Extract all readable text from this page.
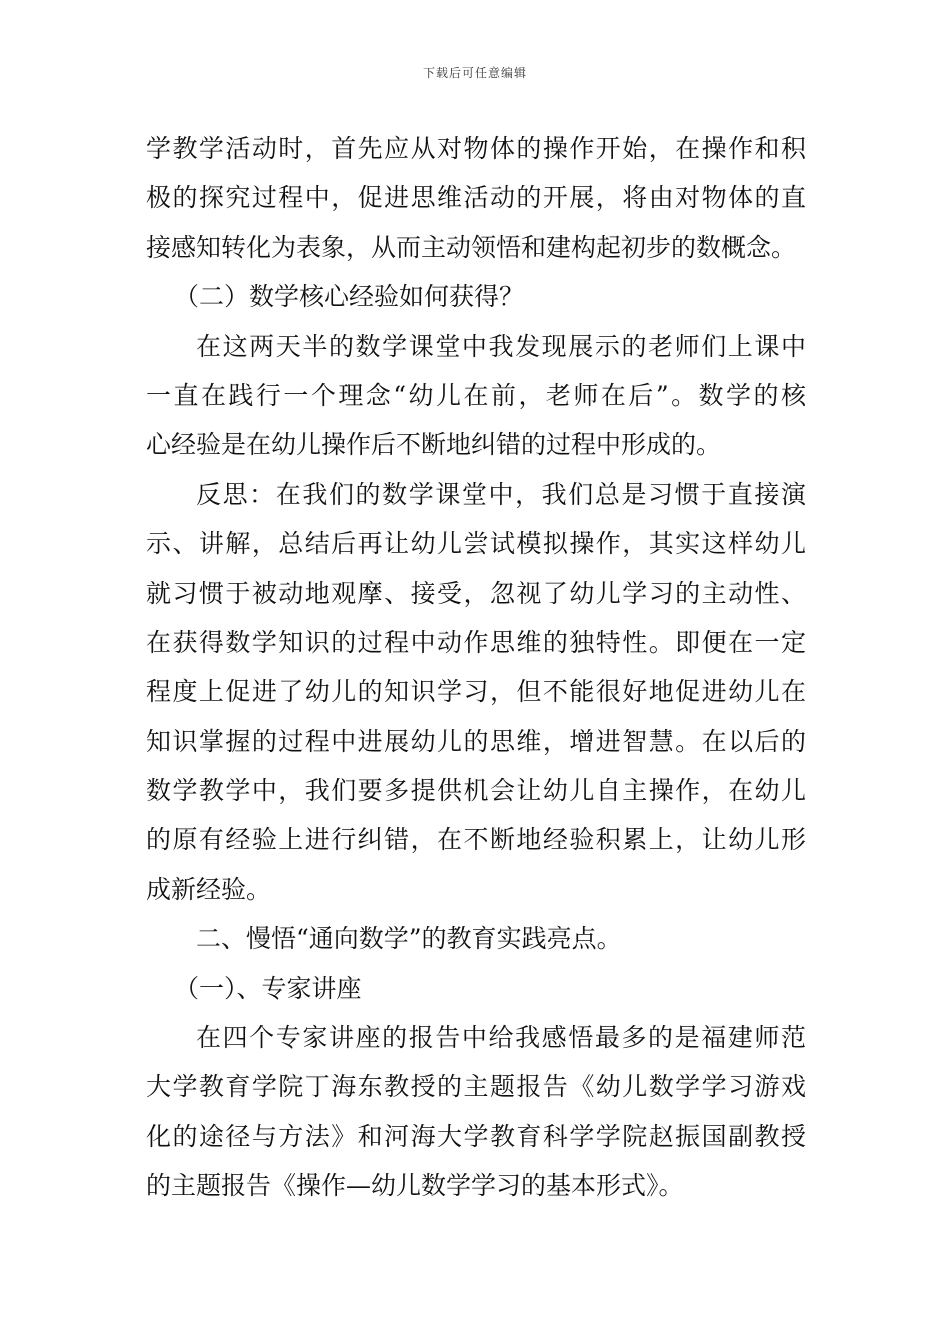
下载后可任意编辑
学教学活动时，首先应从对物体的操作开始，在操作和积
极的探究过程中，促进思维活动的开展，将由对物体的直
接感知转化为表象，从而主动领悟和建构起初步的数概念。
（二）数学核心经验如何获得？
在这两天半的数学课堂中我发现展示的老师们上课中
一直在践行一个理念“幼儿在前，老师在后”。数学的核
心经验是在幼儿操作后不断地纠错的过程中形成的。
反思：在我们的数学课堂中，我们总是习惯于直接演
示、讲解，总结后再让幼儿尝试模拟操作，其实这样幼儿
就习惯于被动地观摩、接受，忽视了幼儿学习的主动性、
在获得数学知识的过程中动作思维的独特性。即便在一定
程度上促进了幼儿的知识学习，但不能很好地促进幼儿在
知识掌握的过程中进展幼儿的思维，增进智慧。在以后的
数学教学中，我们要多提供机会让幼儿自主操作，在幼儿
的原有经验上进行纠错，在不断地经验积累上，让幼儿形
成新经验。
二、慢悟“通向数学”的教育实践亮点。
（一）、专家讲座
在四个专家讲座的报告中给我感悟最多的是福建师范
大学教育学院丁海东教授的主题报告《幼儿数学学习游戏
化的途径与方法》和河海大学教育科学学院赵振国副教授
的主题报告《操作—幼儿数学学习的基本形式》。
